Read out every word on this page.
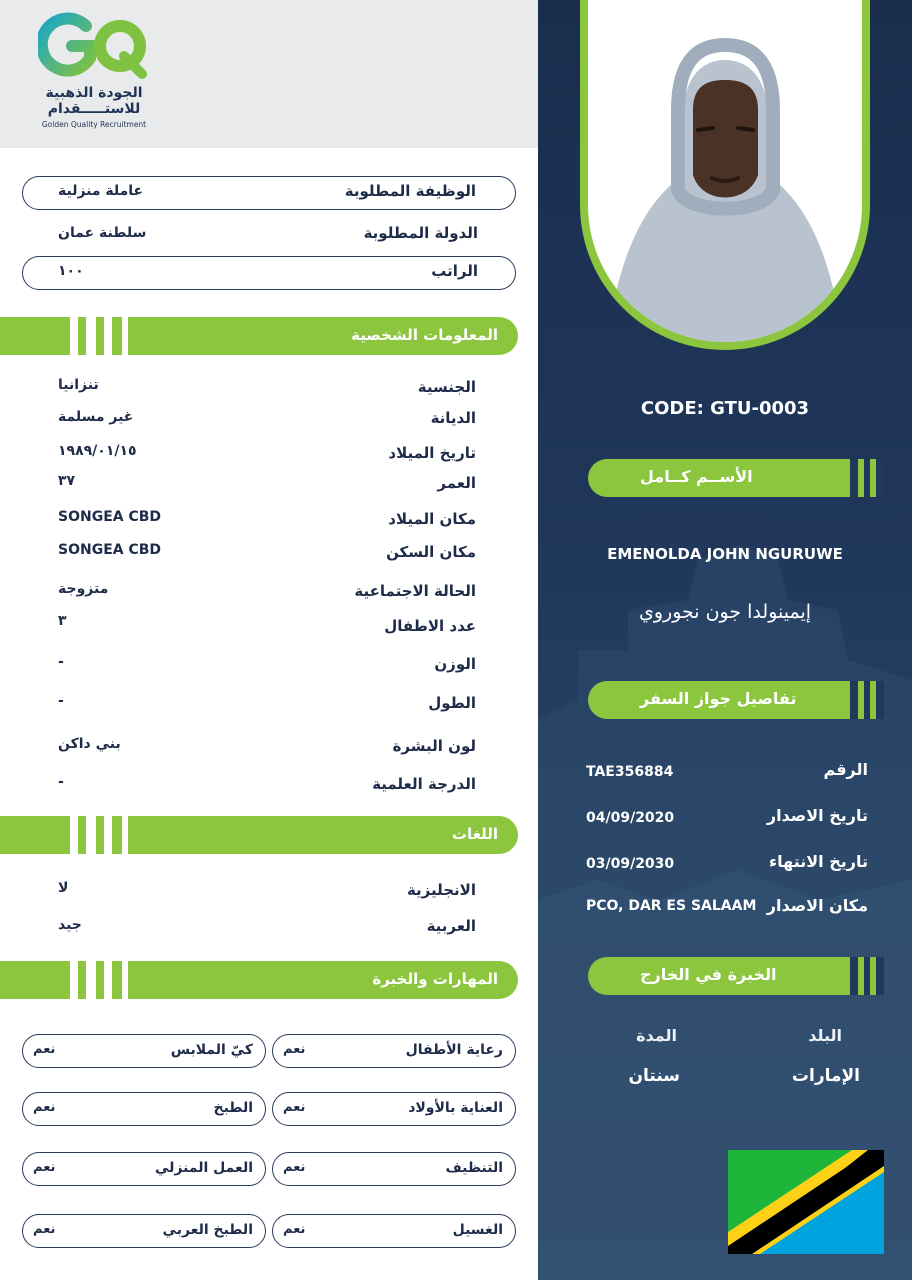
الجودة الذهبية للاستـــــقدام
Golden Quality Recruitment
الوظيفة المطلوبة
عاملة منزلية
الدولة المطلوبة
سلطنة عمان
الراتب
١٠٠
المعلومات الشخصية
الجنسية
تنزانيا
الديانة
غير مسلمة
تاريخ الميلاد
١٩٨٩/٠١/١٥
العمر
٣٧
مكان الميلاد
SONGEA CBD
مكان السكن
SONGEA CBD
الحالة الاجتماعية
متزوجة
عدد الاطفال
٣
الوزن
-
الطول
-
لون البشرة
بني داكن
الدرجة العلمية
-
اللغات
الانجليزية
لا
العربية
جيد
المهارات والخبرة
رعاية الأطفال
نعم
كيّ الملابس
نعم
العناية بالأولاد
نعم
الطبخ
نعم
التنظيف
نعم
العمل المنزلي
نعم
الغسيل
نعم
الطبخ العربي
نعم
CODE: GTU-0003
الأســم كــامل
EMENOLDA JOHN NGURUWE
إيمينولدا جون نجوروي
تفاصيل جواز السفر
الرقم
TAE356884
تاريخ الاصدار
04/09/2020
تاريخ الانتهاء
03/09/2030
مكان الاصدار
PCO, DAR ES SALAAM
الخبرة في الخارج
البلد
المدة
الإمارات
سنتان
